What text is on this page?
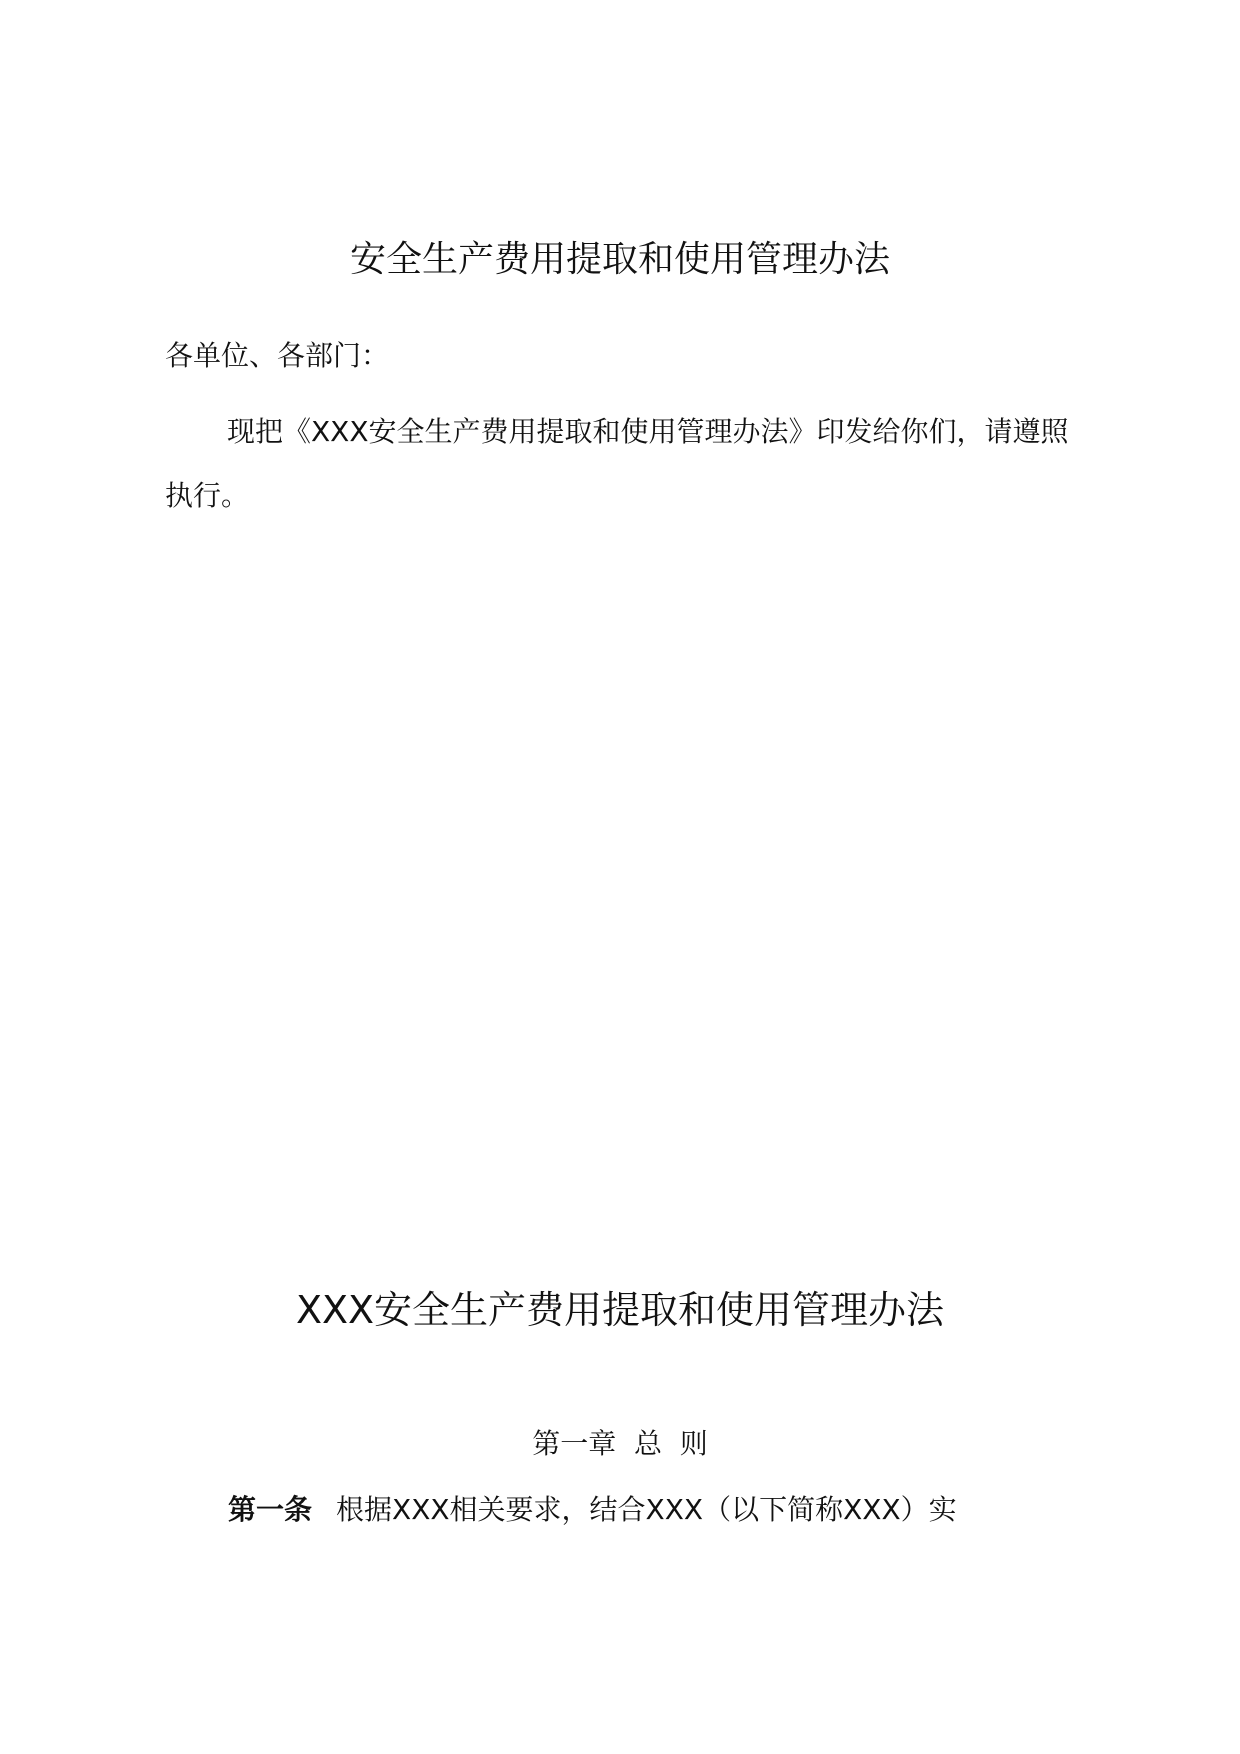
安全生产费用提取和使用管理办法
各单位、各部门：
现把《XXX安全生产费用提取和使用管理办法》印发给你们，请遵照执行。
XXX安全生产费用提取和使用管理办法
第一章  总  则
第一条 根据XXX相关要求，结合XXX（以下简称XXX）实
